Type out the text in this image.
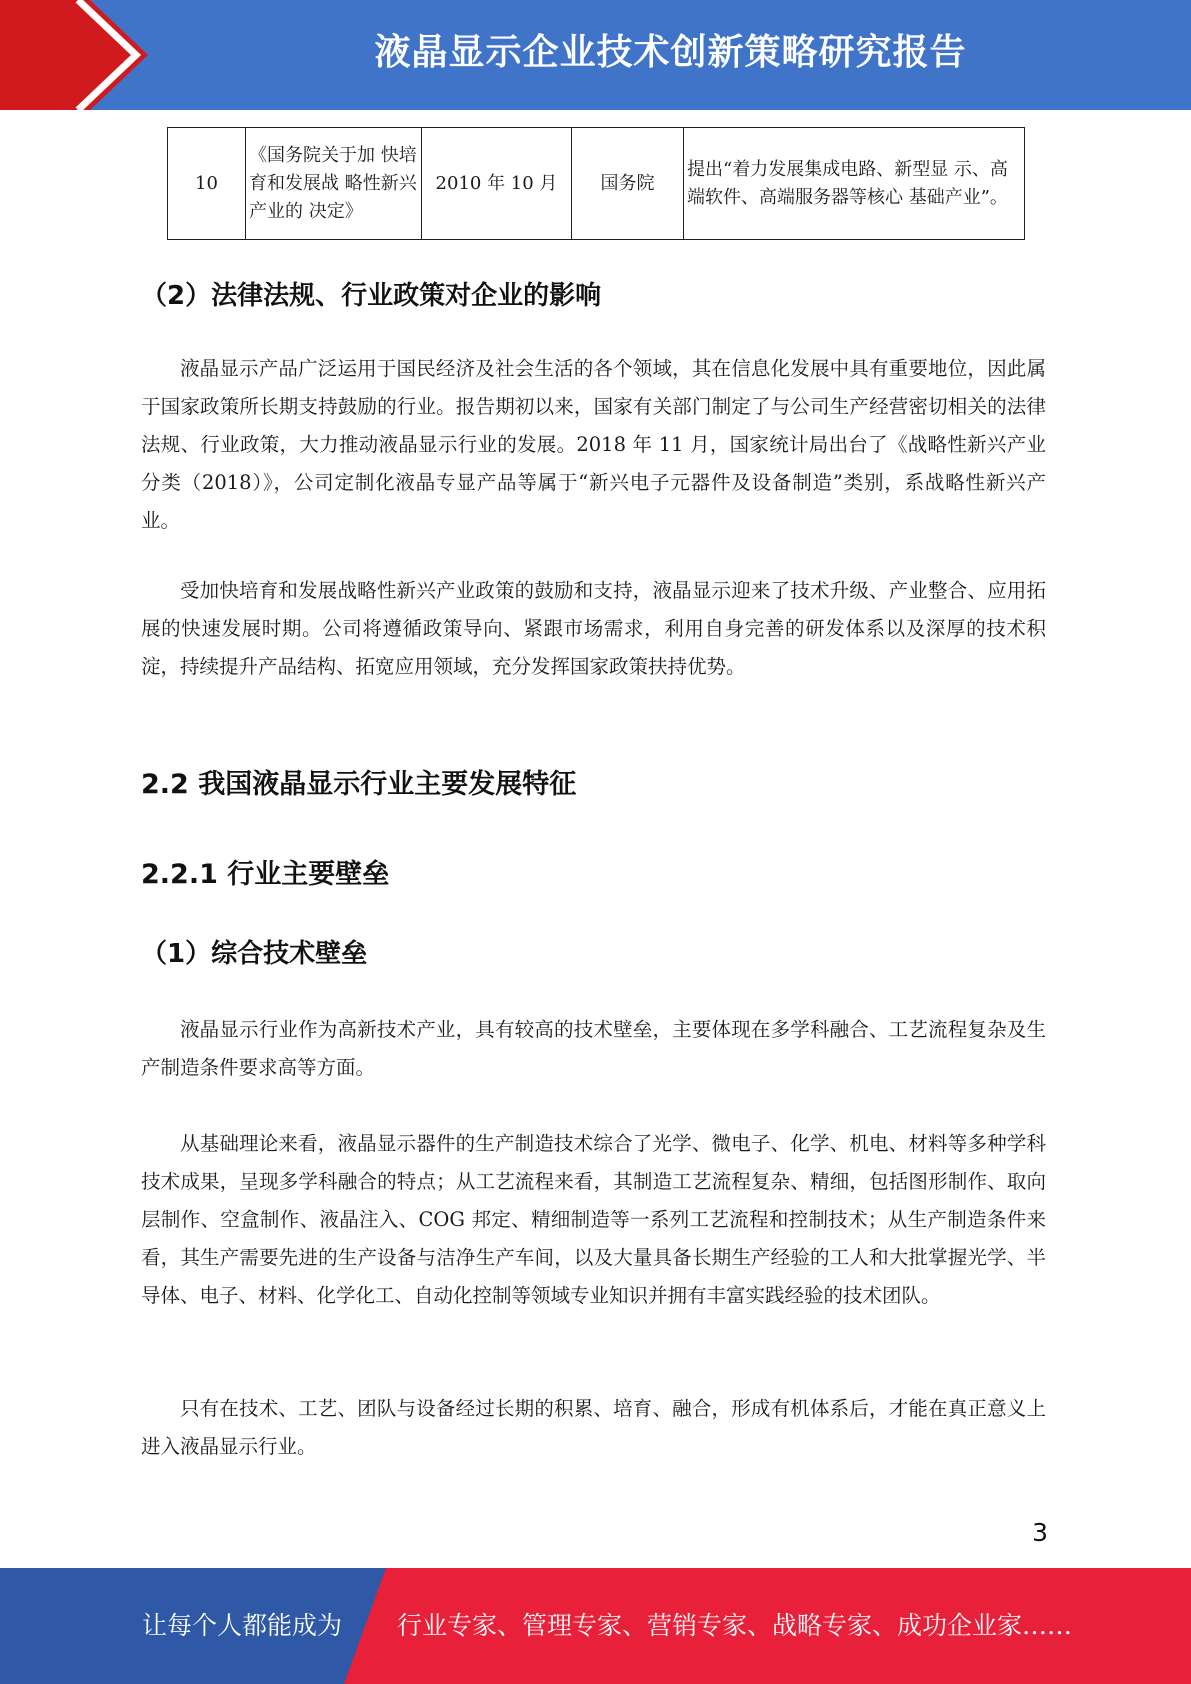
液晶显示企业技术创新策略研究报告
10	《国务院关于加 快培育和发展战 略性新兴产业的 决定》	2010 年 10 月	国务院	提出“着力发展集成电路、新型显 示、高端软件、高端服务器等核心 基础产业”。
（2）法律法规、行业政策对企业的影响

液晶显示产品广泛运用于国民经济及社会生活的各个领域，其在信息化发展中具有重要地位，因此属于国家政策所长期支持鼓励的行业。报告期初以来，国家有关部门制定了与公司生产经营密切相关的法律法规、行业政策，大力推动液晶显示行业的发展。2018 年 11 月，国家统计局出台了《战略性新兴产业分类（2018）》，公司定制化液晶专显产品等属于“新兴电子元器件及设备制造”类别，系战略性新兴产业。

受加快培育和发展战略性新兴产业政策的鼓励和支持，液晶显示迎来了技术升级、产业整合、应用拓展的快速发展时期。公司将遵循政策导向、紧跟市场需求，利用自身完善的研发体系以及深厚的技术积淀，持续提升产品结构、拓宽应用领域，充分发挥国家政策扶持优势。

2.2 我国液晶显示行业主要发展特征
2.2.1 行业主要壁垒
（1）综合技术壁垒

液晶显示行业作为高新技术产业，具有较高的技术壁垒，主要体现在多学科融合、工艺流程复杂及生产制造条件要求高等方面。

从基础理论来看，液晶显示器件的生产制造技术综合了光学、微电子、化学、机电、材料等多种学科技术成果，呈现多学科融合的特点；从工艺流程来看，其制造工艺流程复杂、精细，包括图形制作、取向层制作、空盒制作、液晶注入、COG 邦定、精细制造等一系列工艺流程和控制技术；从生产制造条件来看，其生产需要先进的生产设备与洁净生产车间，以及大量具备长期生产经验的工人和大批掌握光学、半导体、电子、材料、化学化工、自动化控制等领域专业知识并拥有丰富实践经验的技术团队。

只有在技术、工艺、团队与设备经过长期的积累、培育、融合，形成有机体系后，才能在真正意义上进入液晶显示行业。

3
让每个人都能成为 行业专家、管理专家、营销专家、战略专家、成功企业家……
